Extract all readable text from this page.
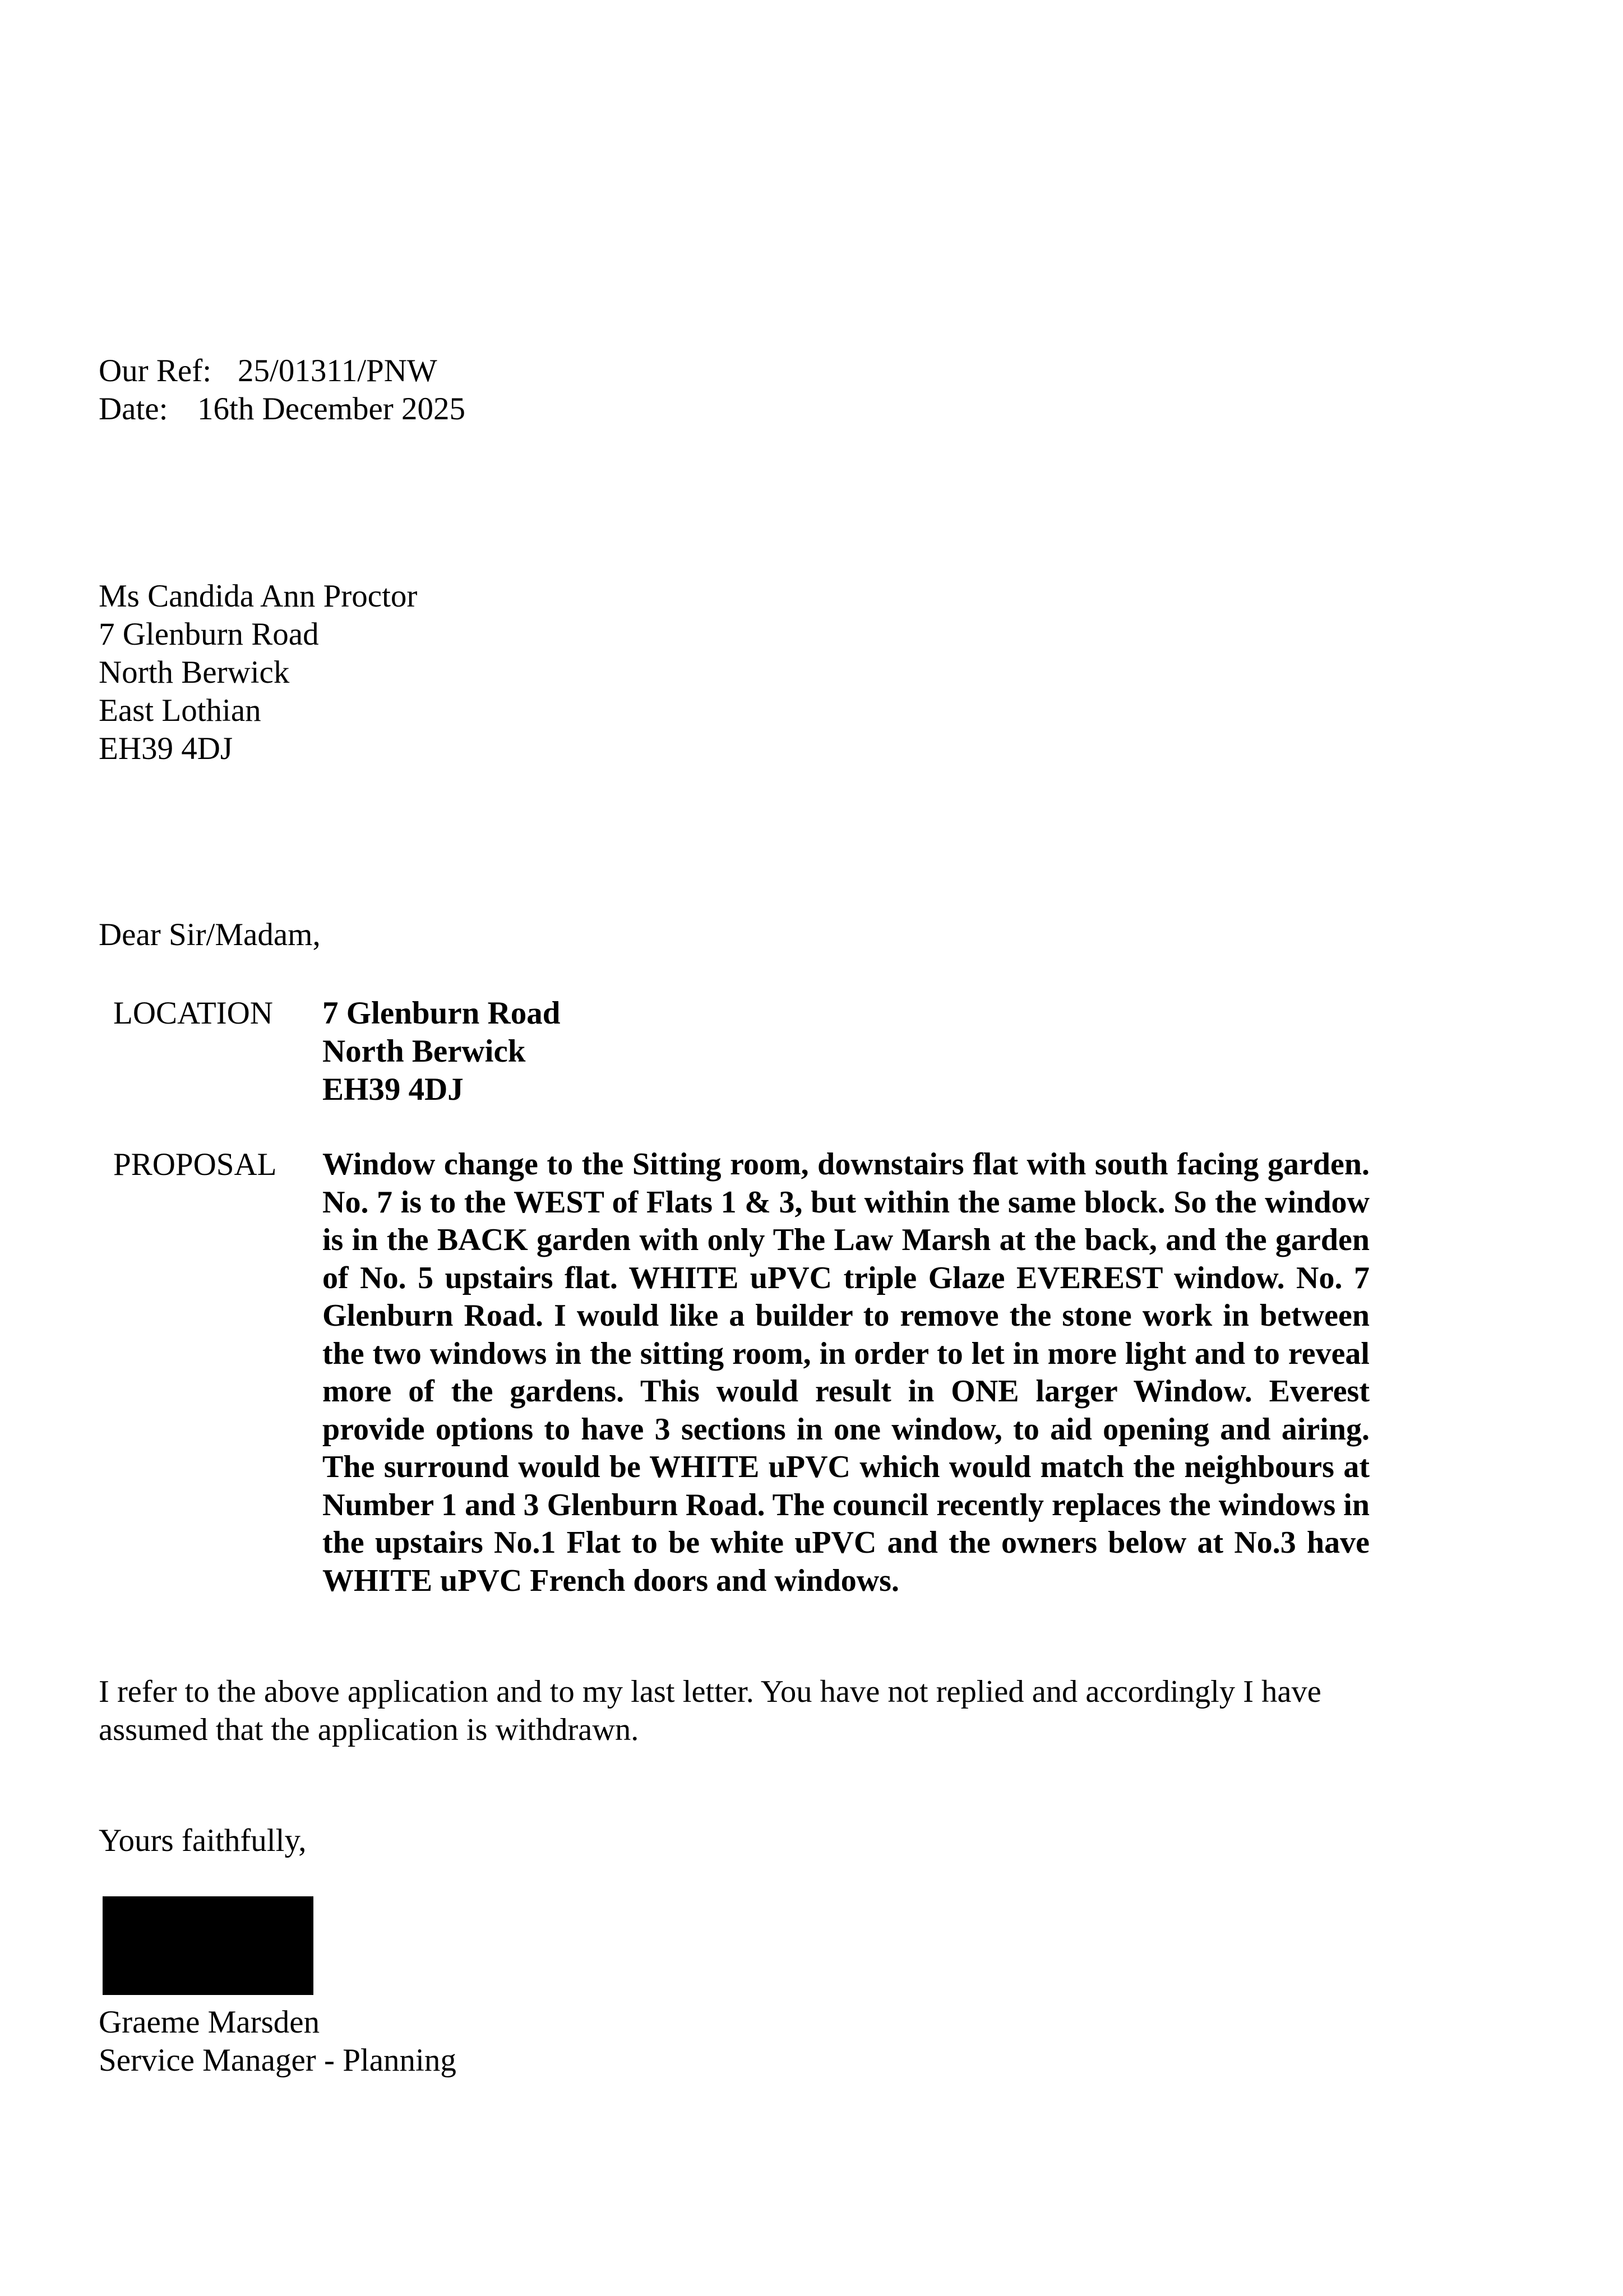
Our Ref: 25/01311/PNW
Date: 16th December 2025
Ms Candida Ann Proctor
7 Glenburn Road
North Berwick
East Lothian
EH39 4DJ
Dear Sir/Madam,
LOCATION 7 Glenburn Road
North Berwick
EH39 4DJ
PROPOSAL Window change to the Sitting room, downstairs flat with south facing garden. No. 7 is to the WEST of Flats 1 & 3, but within the same block. So the window is in the BACK garden with only The Law Marsh at the back, and the garden of No. 5 upstairs flat. WHITE uPVC triple Glaze EVEREST window. No. 7 Glenburn Road. I would like a builder to remove the stone work in between the two windows in the sitting room, in order to let in more light and to reveal more of the gardens. This would result in ONE larger Window. Everest provide options to have 3 sections in one window, to aid opening and airing. The surround would be WHITE uPVC which would match the neighbours at Number 1 and 3 Glenburn Road. The council recently replaces the windows in the upstairs No.1 Flat to be white uPVC and the owners below at No.3 have WHITE uPVC French doors and windows.
I refer to the above application and to my last letter. You have not replied and accordingly I have
assumed that the application is withdrawn.
Yours faithfully,
Graeme Marsden
Service Manager - Planning
